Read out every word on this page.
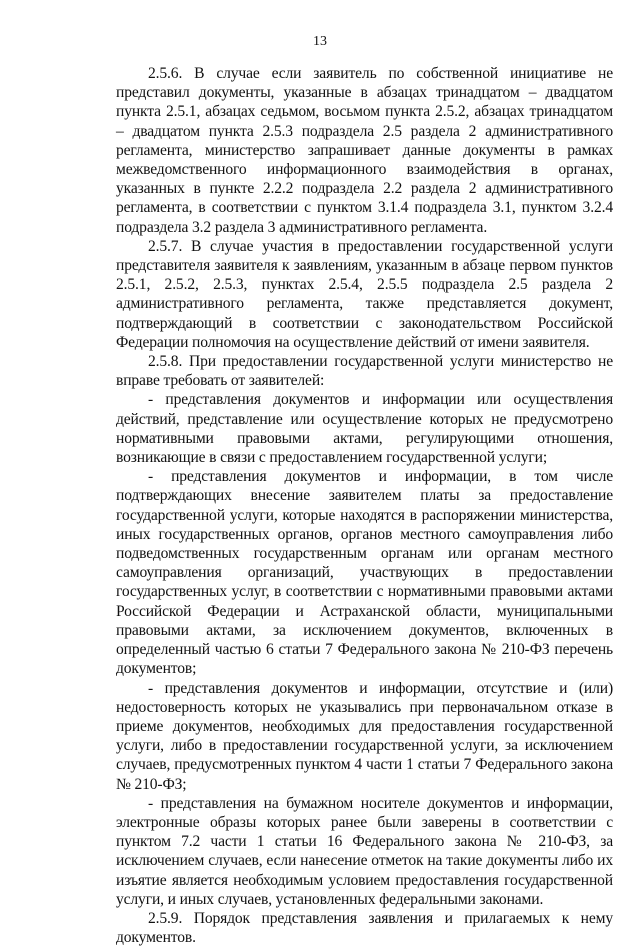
13

2.5.6. В случае если заявитель по собственной инициативе не представил документы, указанные в абзацах тринадцатом – двадцатом пункта 2.5.1, абзацах седьмом, восьмом пункта 2.5.2, абзацах тринадцатом – двадцатом пункта 2.5.3 подраздела 2.5 раздела 2 административного регламента, министерство запрашивает данные документы в рамках межведомственного информационного взаимодействия в органах, указанных в пункте 2.2.2 подраздела 2.2 раздела 2 административного регламента, в соответствии с пунктом 3.1.4 подраздела 3.1, пунктом 3.2.4 подраздела 3.2 раздела 3 административного регламента.

2.5.7. В случае участия в предоставлении государственной услуги представителя заявителя к заявлениям, указанным в абзаце первом пунктов 2.5.1, 2.5.2, 2.5.3, пунктах 2.5.4, 2.5.5 подраздела 2.5 раздела 2 административного регламента, также представляется документ, подтверждающий в соответствии с законодательством Российской Федерации полномочия на осуществление действий от имени заявителя.

2.5.8. При предоставлении государственной услуги министерство не вправе требовать от заявителей:

- представления документов и информации или осуществления действий, представление или осуществление которых не предусмотрено нормативными правовыми актами, регулирующими отношения, возникающие в связи с предоставлением государственной услуги;

- представления документов и информации, в том числе подтверждающих внесение заявителем платы за предоставление государственной услуги, которые находятся в распоряжении министерства, иных государственных органов, органов местного самоуправления либо подведомственных государственным органам или органам местного самоуправления организаций, участвующих в предоставлении государственных услуг, в соответствии с нормативными правовыми актами Российской Федерации и Астраханской области, муниципальными правовыми актами, за исключением документов, включенных в определенный частью 6 статьи 7 Федерального закона № 210-ФЗ перечень документов;

- представления документов и информации, отсутствие и (или) недостоверность которых не указывались при первоначальном отказе в приеме документов, необходимых для предоставления государственной услуги, либо в предоставлении государственной услуги, за исключением случаев, предусмотренных пунктом 4 части 1 статьи 7 Федерального закона № 210-ФЗ;

- представления на бумажном носителе документов и информации, электронные образы которых ранее были заверены в соответствии с пунктом 7.2 части 1 статьи 16 Федерального закона № 210-ФЗ, за исключением случаев, если нанесение отметок на такие документы либо их изъятие является необходимым условием предоставления государственной услуги, и иных случаев, установленных федеральными законами.

2.5.9. Порядок представления заявления и прилагаемых к нему документов.
